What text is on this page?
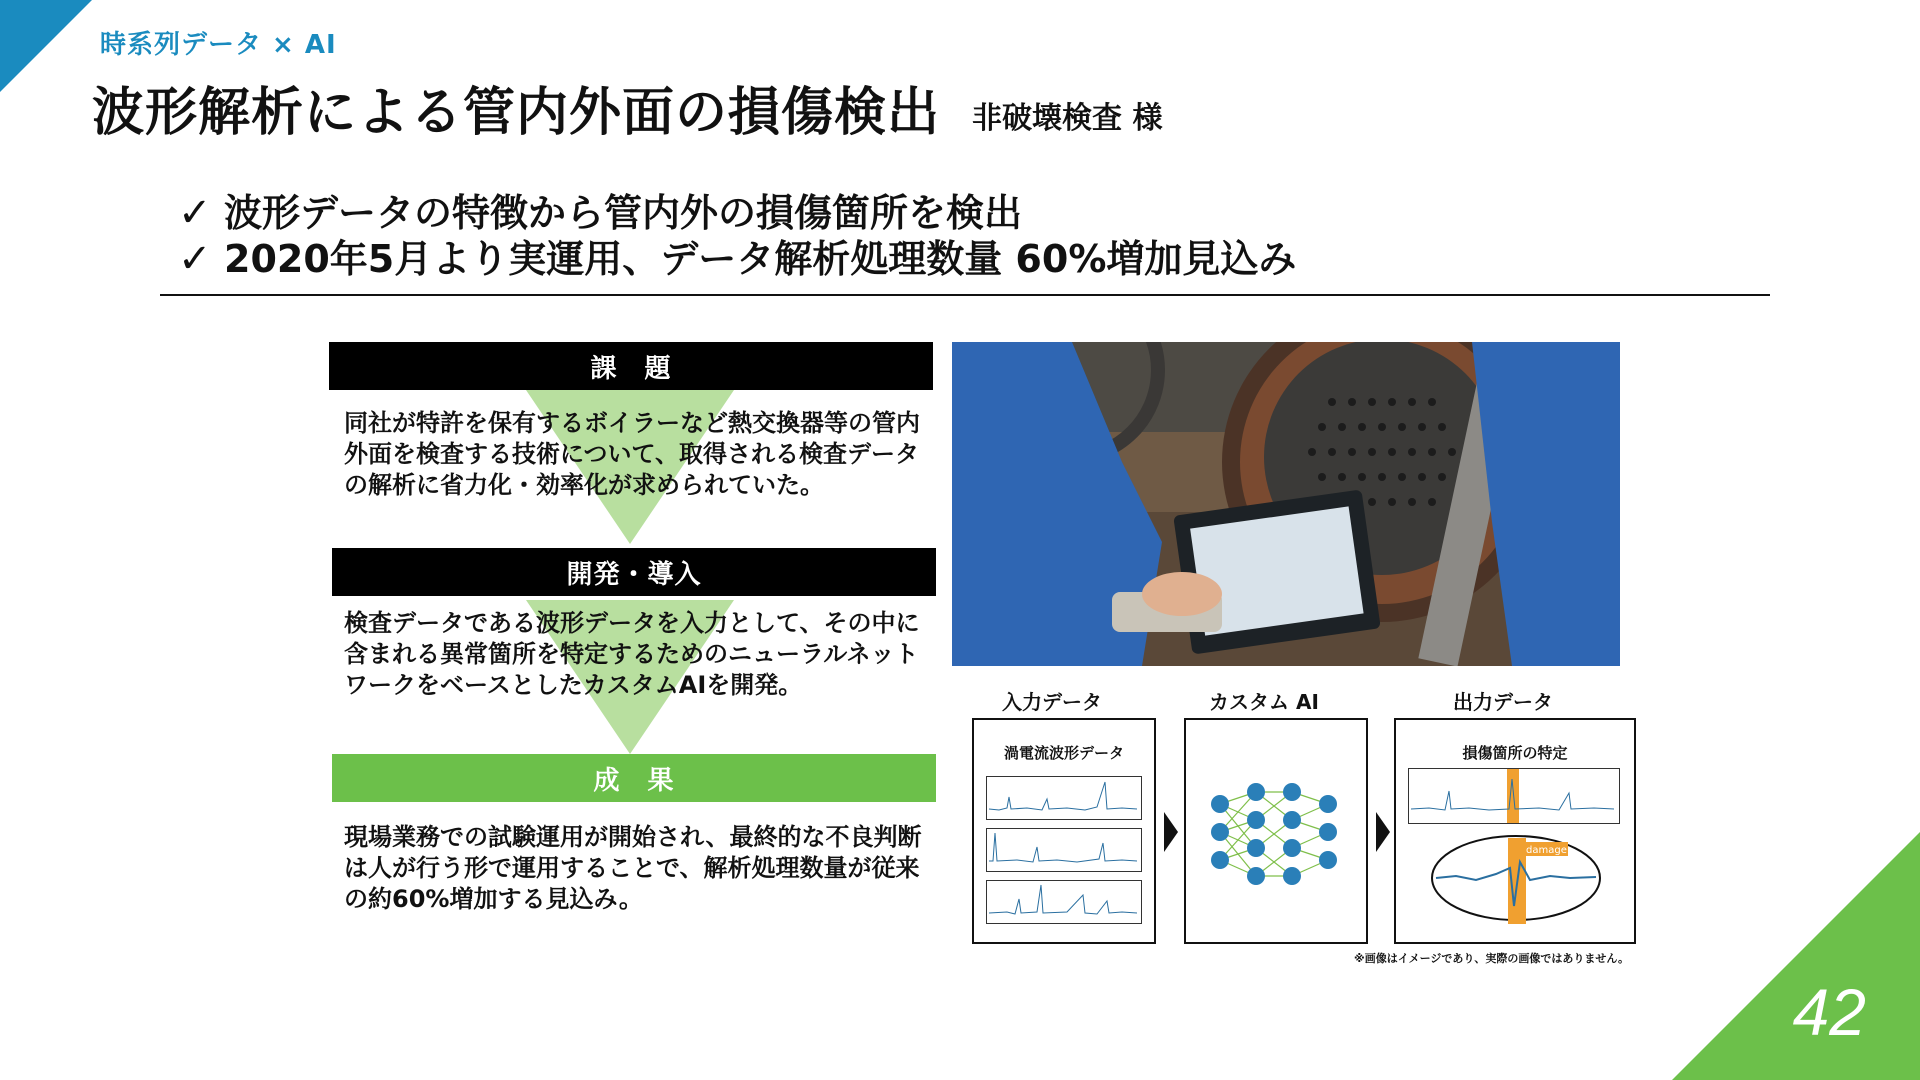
時系列データ × AI
波形解析による管内外面の損傷検出 非破壊検査 様
✓ 波形データの特徴から管内外の損傷箇所を検出
✓ 2020年5月より実運用、データ解析処理数量 60%増加見込み
課　題
同社が特許を保有するボイラーなど熱交換器等の管内外面を検査する技術について、取得される検査データの解析に省力化・効率化が求められていた。
開発・導入
検査データである波形データを入力として、その中に含まれる異常箇所を特定するためのニューラルネットワークをベースとしたカスタムAIを開発。
成　果
現場業務での試験運用が開始され、最終的な不良判断は人が行う形で運用することで、解析処理数量が従来の約60%増加する見込み。
入力データ	カスタム AI	出力データ
渦電流波形データ	損傷箇所の特定
damage
※画像はイメージであり、実際の画像ではありません。
42
